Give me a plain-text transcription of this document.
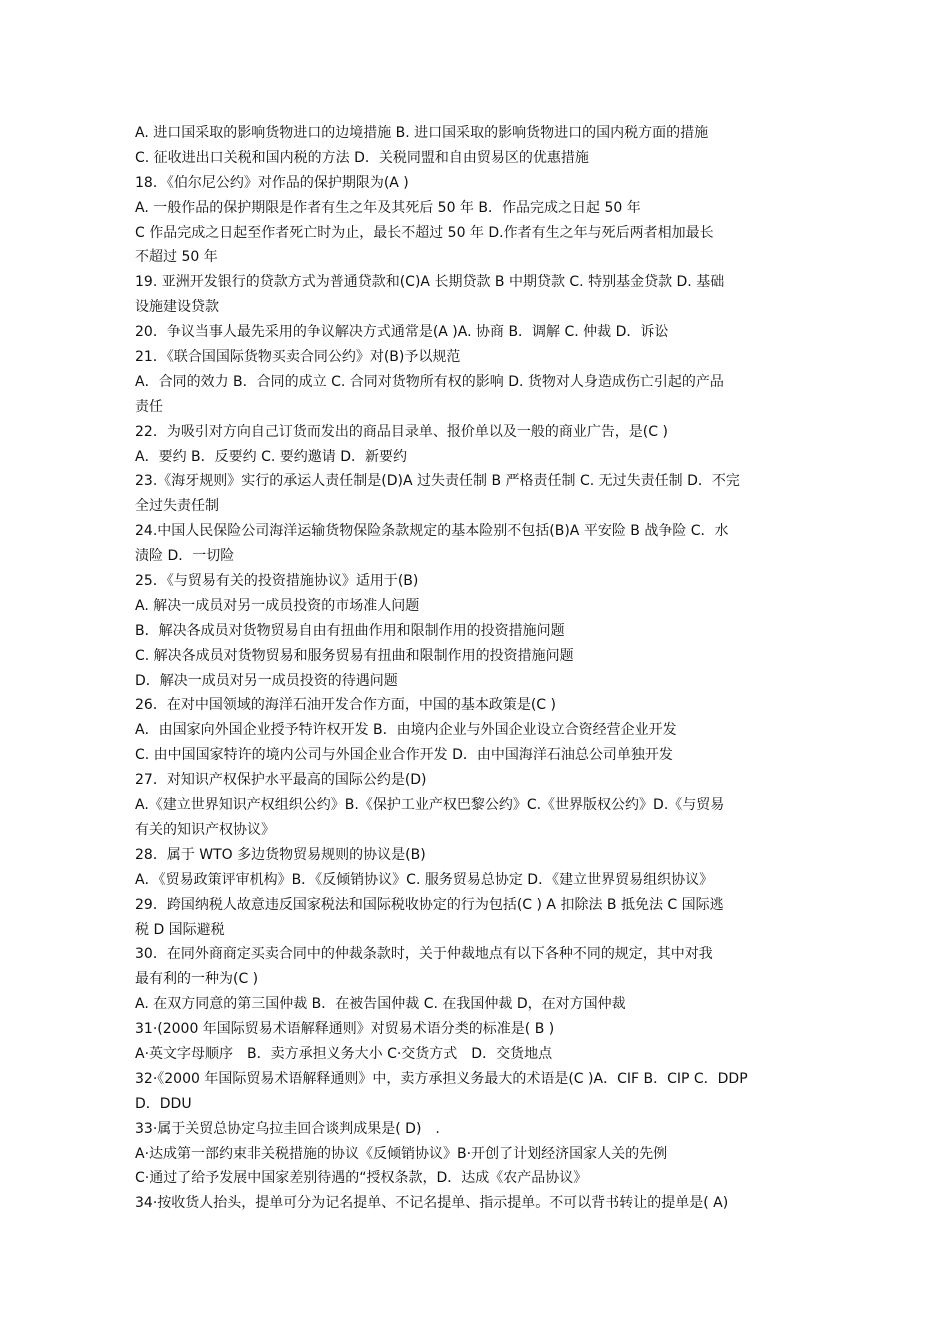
A. 进口国采取的影响货物进口的边境措施 B. 进口国采取的影响货物进口的国内税方面的措施
C. 征收进出口关税和国内税的方法 D．关税同盟和自由贸易区的优惠措施
18．《伯尔尼公约》对作品的保护期限为(A )
A. 一般作品的保护期限是作者有生之年及其死后 50 年 B．作品完成之日起 50 年
C 作品完成之日起至作者死亡时为止，最长不超过 50 年 D.作者有生之年与死后两者相加最长
不超过 50 年
19. 亚洲开发银行的贷款方式为普通贷款和(C)A 长期贷款 B 中期贷款 C. 特别基金贷款 D. 基础
设施建设贷款
20．争议当事人最先采用的争议解决方式通常是(A )A. 协商 B．调解 C. 仲裁 D．诉讼
21．《联合国国际货物买卖合同公约》对(B)予以规范
A．合同的效力 B．合同的成立 C. 合同对货物所有权的影响 D. 货物对人身造成伤亡引起的产品
责任
22．为吸引对方向自己订货而发出的商品目录单、报价单以及一般的商业广告，是(C )
A．要约 B．反要约 C. 要约邀请 D．新要约
23.《海牙规则》实行的承运人责任制是(D)A 过失责任制 B 严格责任制 C. 无过失责任制 D．不完
全过失责任制
24.中国人民保险公司海洋运输货物保险条款规定的基本险别不包括(B)A 平安险 B 战争险 C．水
渍险 D．一切险
25．《与贸易有关的投资措施协议》适用于(B)
A. 解决一成员对另一成员投资的市场准人问题
B．解决各成员对货物贸易自由有扭曲作用和限制作用的投资措施问题
C. 解决各成员对货物贸易和服务贸易有扭曲和限制作用的投资措施问题
D．解决一成员对另一成员投资的待遇问题
26．在对中国领域的海洋石油开发合作方面，中国的基本政策是(C )
A．由国家向外国企业授予特许权开发 B．由境内企业与外国企业设立合资经营企业开发
C. 由中国国家特许的境内公司与外国企业合作开发 D．由中国海洋石油总公司单独开发
27．对知识产权保护水平最高的国际公约是(D)
A.《建立世界知识产权组织公约》B.《保护工业产权巴黎公约》C.《世界版权公约》D.《与贸易
有关的知识产权协议》
28．属于 WTO 多边货物贸易规则的协议是(B)
A．《贸易政策评审机构》B．《反倾销协议》C. 服务贸易总协定 D．《建立世界贸易组织协议》
29．跨国纳税人故意违反国家税法和国际税收协定的行为包括(C ) A 扣除法 B 抵免法 C 国际逃
税 D 国际避税
30．在同外商商定买卖合同中的仲裁条款时，关于仲裁地点有以下各种不同的规定，其中对我
最有利的一种为(C )
A. 在双方同意的第三国仲裁 B．在被告国仲裁 C. 在我国仲裁 D，在对方国仲裁
31·(2000 年国际贸易术语解释通则》对贸易术语分类的标准是( B )
A·英文字母顺序　B．卖方承担义务大小 C·交货方式　D．交货地点
32·《2000 年国际贸易术语解释通则》中，卖方承担义务最大的术语是(C )A．CIF B．CIP C．DDP
D．DDU
33·属于关贸总协定乌拉圭回合谈判成果是( D)　.
A·达成第一部约束非关税措施的协议《反倾销协议》B·开创了计划经济国家人关的先例
C·通过了给予发展中国家差别待遇的“授权条款，D．达成《农产品协议》
34·按收货人抬头，提单可分为记名提单、不记名提单、指示提单。不可以背书转让的提单是( A)
